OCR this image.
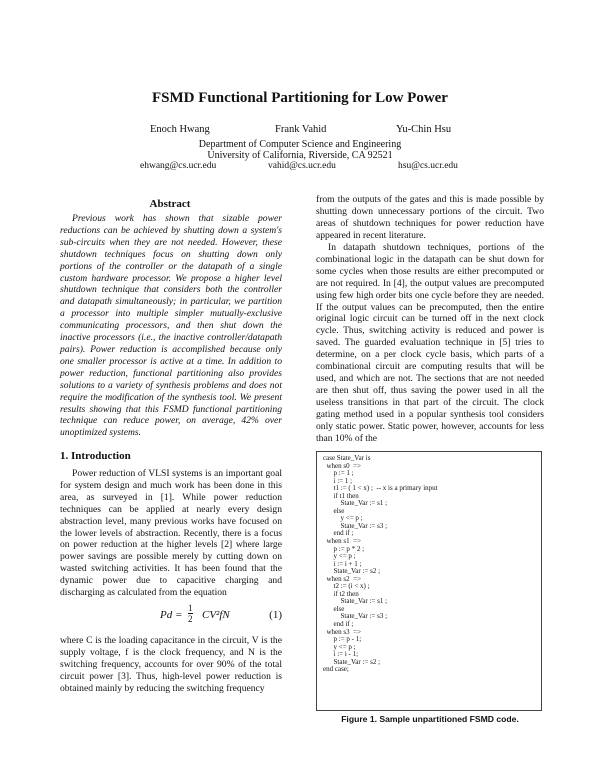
FSMD Functional Partitioning for Low Power
Enoch Hwang	Frank Vahid	Yu-Chin Hsu
Department of Computer Science and Engineering
University of California, Riverside, CA 92521
ehwang@cs.ucr.edu	vahid@cs.ucr.edu	hsu@cs.ucr.edu
Abstract

Previous work has shown that sizable power reductions can be achieved by shutting down a system's sub-circuits when they are not needed. However, these shutdown techniques focus on shutting down only portions of the controller or the datapath of a single custom hardware processor. We propose a higher level shutdown technique that considers both the controller and datapath simultaneously; in particular, we partition a processor into multiple simpler mutually-exclusive communicating processors, and then shut down the inactive processors (i.e., the inactive controller/datapath pairs). Power reduction is accomplished because only one smaller processor is active at a time. In addition to power reduction, functional partitioning also provides solutions to a variety of synthesis problems and does not require the modification of the synthesis tool. We present results showing that this FSMD functional partitioning technique can reduce power, on average, 42% over unoptimized systems.

1. Introduction

Power reduction of VLSI systems is an important goal for system design and much work has been done in this area, as surveyed in [1]. While power reduction techniques can be applied at nearly every design abstraction level, many previous works have focused on the lower levels of abstraction. Recently, there is a focus on power reduction at the higher levels [2] where large power savings are possible merely by cutting down on wasted switching activities. It has been found that the dynamic power due to capacitive charging and discharging as calculated from the equation

$Pd = \frac{1}{2} CV^2fN$	(1)

where C is the loading capacitance in the circuit, V is the supply voltage, f is the clock frequency, and N is the switching frequency, accounts for over 90% of the total circuit power [3]. Thus, high-level power reduction is obtained mainly by reducing the switching frequency

from the outputs of the gates and this is made possible by shutting down unnecessary portions of the circuit. Two areas of shutdown techniques for power reduction have appeared in recent literature.

In datapath shutdown techniques, portions of the combinational logic in the datapath can be shut down for some cycles when those results are either precomputed or are not required. In [4], the output values are precomputed using few high order bits one cycle before they are needed. If the output values can be precomputed, then the entire original logic circuit can be turned off in the next clock cycle. Thus, switching activity is reduced and power is saved. The guarded evaluation technique in [5] tries to determine, on a per clock cycle basis, which parts of a combinational circuit are computing results that will be used, and which are not. The sections that are not needed are then shut off, thus saving the power used in all the useless transitions in that part of the circuit. The clock gating method used in a popular synthesis tool considers only static power. Static power, however, accounts for less than 10% of the

case State_Var is
when s0  =>
p := 1 ;
i := 1 ;
t1 := ( 1 < x) ;  -- x is a primary input
if t1 then
State_Var := s1 ;
else
y <= p ;
State_Var := s3 ;
end if ;
when s1  =>
p := p * 2 ;
y <= p ;
i := i + 1 ;
State_Var := s2 ;
when s2  =>
t2 := (i < x) ;
if t2 then
State_Var := s1 ;
else
State_Var := s3 ;
end if ;
when s3  =>
p := p - 1;
y <= p ;
i := i - 1;
State_Var := s2 ;
end case;
Figure 1. Sample unpartitioned FSMD code.
